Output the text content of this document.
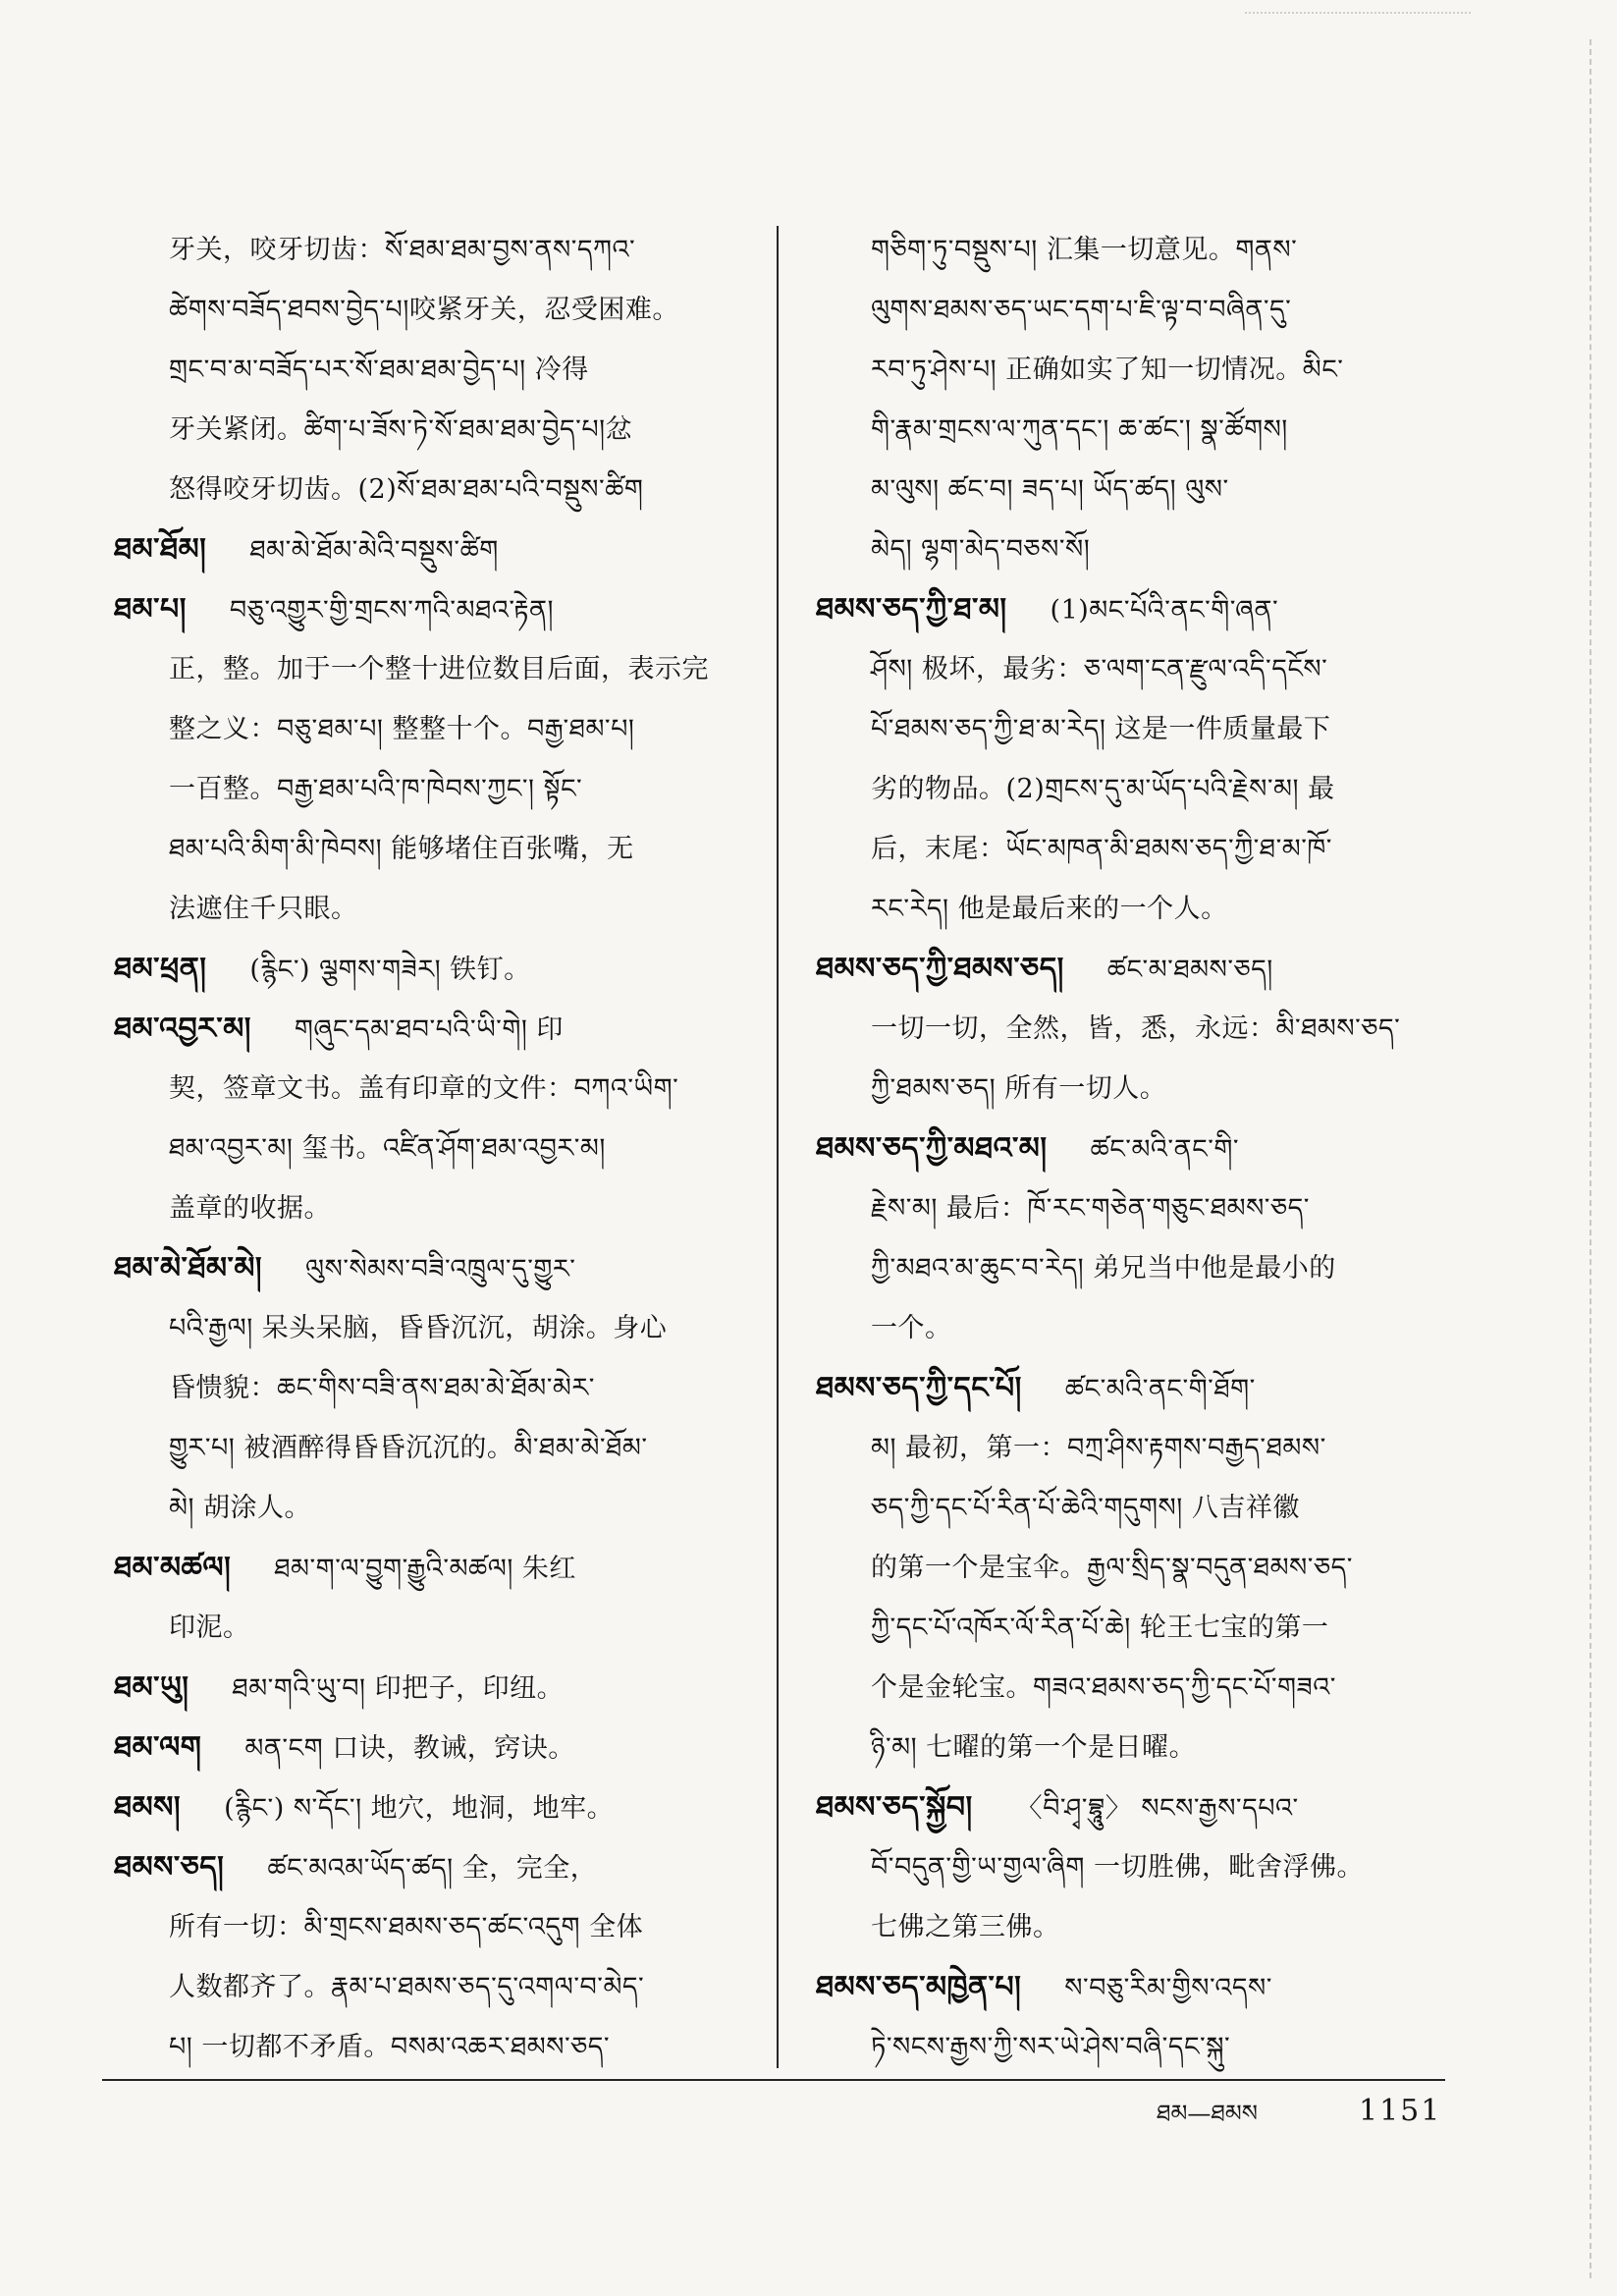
牙关，咬牙切齿：སོ་ཐམ་ཐམ་བྱས་ནས་དཀའ་
ཚེགས་བཟོད་ཐབས་བྱེད་པ།咬紧牙关，忍受困难。
གྲང་བ་མ་བཟོད་པར་སོ་ཐམ་ཐམ་བྱེད་པ། 冷得
牙关紧闭。ཚིག་པ་ཟོས་ཏེ་སོ་ཐམ་ཐམ་བྱེད་པ།忿
怒得咬牙切齿。(2)སོ་ཐམ་ཐམ་པའི་བསྡུས་ཚིག
ཐམ་ཐོམ། ཐམ་མེ་ཐོམ་མེའི་བསྡུས་ཚིག
ཐམ་པ། བཅུ་འགྱུར་གྱི་གྲངས་ཀའི་མཐའ་རྟེན།
正，整。加于一个整十进位数目后面，表示完
整之义：བཅུ་ཐམ་པ། 整整十个。བརྒྱ་ཐམ་པ།
一百整。བརྒྱ་ཐམ་པའི་ཁ་ཁེབས་ཀྱང་། སྟོང་
ཐམ་པའི་མིག་མི་ཁེབས། 能够堵住百张嘴，无
法遮住千只眼。
ཐམ་ཕྲན། (རྙིང་) ལྕགས་གཟེར། 铁钉。
ཐམ་འབྱར་མ། གཞུང་དམ་ཐབ་པའི་ཡི་གེ། 印
契，签章文书。盖有印章的文件：བཀའ་ཡིག་
ཐམ་འབྱར་མ། 玺书。འཛིན་ཤོག་ཐམ་འབྱར་མ།
盖章的收据。
ཐམ་མེ་ཐོམ་མེ། ལུས་སེམས་བཟི་འཁྲུལ་དུ་གྱུར་
པའི་རྒྱལ། 呆头呆脑，昏昏沉沉，胡涂。身心
昏愦貌：ཆང་གིས་བཟི་ནས་ཐམ་མེ་ཐོམ་མེར་
གྱུར་པ། 被酒醉得昏昏沉沉的。མི་ཐམ་མེ་ཐོམ་
མེ། 胡涂人。
ཐམ་མཚལ། ཐམ་ག་ལ་བྱུག་རྒྱུའི་མཚལ། 朱红
印泥。
ཐམ་ཡུ། ཐམ་གའི་ཡུ་བ། 印把子，印纽。
ཐམ་ལག མན་ངག 口诀，教诫，窍诀。
ཐམས། (རྙིང་) ས་དོང་། 地穴，地洞，地牢。
ཐམས་ཅད། ཚང་མའམ་ཡོད་ཚད། 全，完全，
所有一切：མི་གྲངས་ཐམས་ཅད་ཚང་འདུག 全体
人数都齐了。རྣམ་པ་ཐམས་ཅད་དུ་འགལ་བ་མེད་
པ། 一切都不矛盾。བསམ་འཆར་ཐམས་ཅད་
གཅིག་ཏུ་བསྡུས་པ། 汇集一切意见。གནས་
ལུགས་ཐམས་ཅད་ཡང་དག་པ་ཇི་ལྟ་བ་བཞིན་དུ་
རབ་ཏུ་ཤེས་པ། 正确如实了知一切情况。མིང་
གི་རྣམ་གྲངས་ལ་ཀུན་དང་། ཆ་ཚང་། སྣ་ཚོགས།
མ་ལུས། ཚང་བ། ཟད་པ། ཡོད་ཚད། ལུས་
མེད། ལྷག་མེད་བཅས་སོ།
ཐམས་ཅད་ཀྱི་ཐ་མ། (1)མང་པོའི་ནང་གི་ཞན་
ཤོས། 极坏，最劣：ཅ་ལག་ངན་རྫུལ་འདི་དངོས་
པོ་ཐམས་ཅད་ཀྱི་ཐ་མ་རེད། 这是一件质量最下
劣的物品。(2)གྲངས་དུ་མ་ཡོད་པའི་རྗེས་མ། 最
后，末尾：ཡོང་མཁན་མི་ཐམས་ཅད་ཀྱི་ཐ་མ་ཁོ་
རང་རེད། 他是最后来的一个人。
ཐམས་ཅད་ཀྱི་ཐམས་ཅད། ཚང་མ་ཐམས་ཅད།
一切一切，全然，皆，悉，永远：མི་ཐམས་ཅད་
ཀྱི་ཐམས་ཅད། 所有一切人。
ཐམས་ཅད་ཀྱི་མཐའ་མ། ཚང་མའི་ནང་གི་
རྗེས་མ། 最后：ཁོ་རང་གཅེན་གཅུང་ཐམས་ཅད་
ཀྱི་མཐའ་མ་ཆུང་བ་རེད། 弟兄当中他是最小的
一个。
ཐམས་ཅད་ཀྱི་དང་པོ། ཚང་མའི་ནང་གི་ཐོག་
མ། 最初，第一：བཀྲ་ཤིས་རྟགས་བརྒྱད་ཐམས་
ཅད་ཀྱི་དང་པོ་རིན་པོ་ཆེའི་གདུགས། 八吉祥徽
的第一个是宝伞。རྒྱལ་སྲིད་སྣ་བདུན་ཐམས་ཅད་
ཀྱི་དང་པོ་འཁོར་ལོ་རིན་པོ་ཆེ། 轮王七宝的第一
个是金轮宝。གཟའ་ཐམས་ཅད་ཀྱི་དང་པོ་གཟའ་
ཉི་མ། 七曜的第一个是日曜。
ཐམས་ཅད་སྐྱོབ། 〈བི་ཤྭ་བྷཱུ〉 སངས་རྒྱས་དཔའ་
བོ་བདུན་གྱི་ཡ་གྱལ་ཞིག 一切胜佛，毗舍浮佛。
七佛之第三佛。
ཐམས་ཅད་མཁྱེན་པ། ས་བཅུ་རིམ་གྱིས་འདས་
ཏེ་སངས་རྒྱས་ཀྱི་སར་ཡེ་ཤེས་བཞི་དང་སྐུ་
ཐམ—ཐམས	1151
